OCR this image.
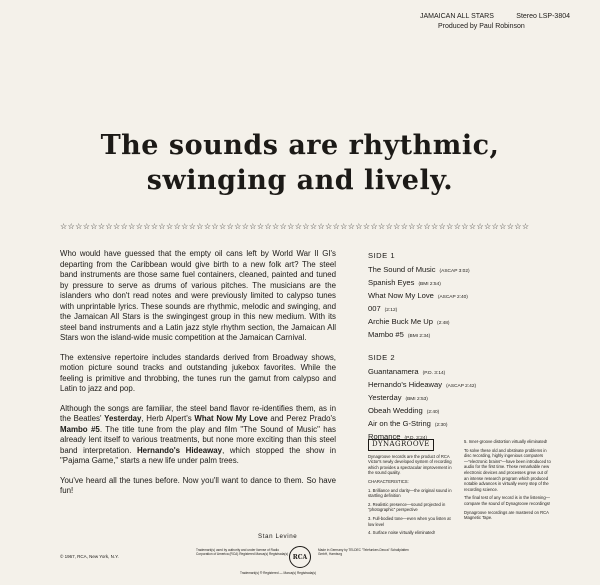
JAMAICAN ALL STARS	Stereo LSP-3804
Produced by Paul Robinson
The sounds are rhythmic,
swinging and lively.
☆☆☆☆☆☆☆☆☆☆☆☆☆☆☆☆☆☆☆☆☆☆☆☆☆☆☆☆☆☆☆☆☆☆☆☆☆☆☆☆☆☆☆☆☆☆☆☆☆☆☆☆☆☆☆☆☆☆☆☆☆☆

Who would have guessed that the empty oil cans left by World War II GI's departing from the Caribbean would give birth to a new folk art? The steel band instruments are those same fuel containers, cleaned, painted and tuned by pressure to serve as drums of various pitches. The musicians are the islanders who don't read notes and were previously limited to calypso tunes with unprintable lyrics. These sounds are rhythmic, melodic and swinging, and the Jamaican All Stars is the swingingest group in this new medium. With its steel band instruments and a Latin jazz style rhythm section, the Jamaican All Stars won the island-wide music competition at the Jamaican Carnival.

The extensive repertoire includes standards derived from Broadway shows, motion picture sound tracks and outstanding jukebox favorites. While the feeling is primitive and throbbing, the tunes run the gamut from calypso and Latin to jazz and pop.

Although the songs are familiar, the steel band flavor re-identifies them, as in the Beatles' Yesterday, Herb Alpert's What Now My Love and Perez Prado's Mambo #5. The title tune from the play and film "The Sound of Music" has already lent itself to various treatments, but none more exciting than this steel band interpretation. Hernando's Hideaway, which stopped the show in "Pajama Game," starts a new life under palm trees.

You've heard all the tunes before. Now you'll want to dance to them. So have fun!

Stan Levine
SIDE 1
The Sound of Music (ASCAP 3:02)
Spanish Eyes (BMI 2:54)
What Now My Love (ASCAP 2:40)
007 (2:12)
Archie Buck Me Up (2:48)
Mambo #5 (BMI 2:34)
SIDE 2
Guantanamera (P.D. 3:14)
Hernando's Hideaway (ASCAP 2:42)
Yesterday (BMI 2:53)
Obeah Wedding (2:40)
Air on the G-String (2:30)
Romance (P.D. 3:24)
DYNAGROOVE

Dynagroove records are the product of RCA Victor's newly developed system of recording which provides a spectacular improvement in the sound quality.

CHARACTERISTICS:

1. Brilliance and clarity—the original sound in startling definition

2. Realistic presence—sound projected in "photographic" perspective

3. Full-bodied tone—even when you listen at low level

4. Surface noise virtually eliminated!

5. Inner-groove distortion virtually eliminated!

To solve these old and obstinate problems in disc recording, highly ingenious computers—"electronic brains"—have been introduced to audio for the first time. These remarkable new electronic devices and processes grew out of an intense research program which produced notable advances in virtually every step of the recording science.

The final test of any record is in the listening—compare the sound of Dynagroove recordings!

Dynagroove recordings are mastered on RCA Magnetic Tape.

© 1967, RCA, New York, N.Y.
Trademark(s) used by authority and under license of Radio Corporation of America (RCA) Registered Marca(s) Registrada(s) RCA
Made in Germany by TELDEC "Telefunken-Decca" Schallplatten GmbH, Hamburg
Trademark(s) ® Registered — Marca(s) Registrada(s)
